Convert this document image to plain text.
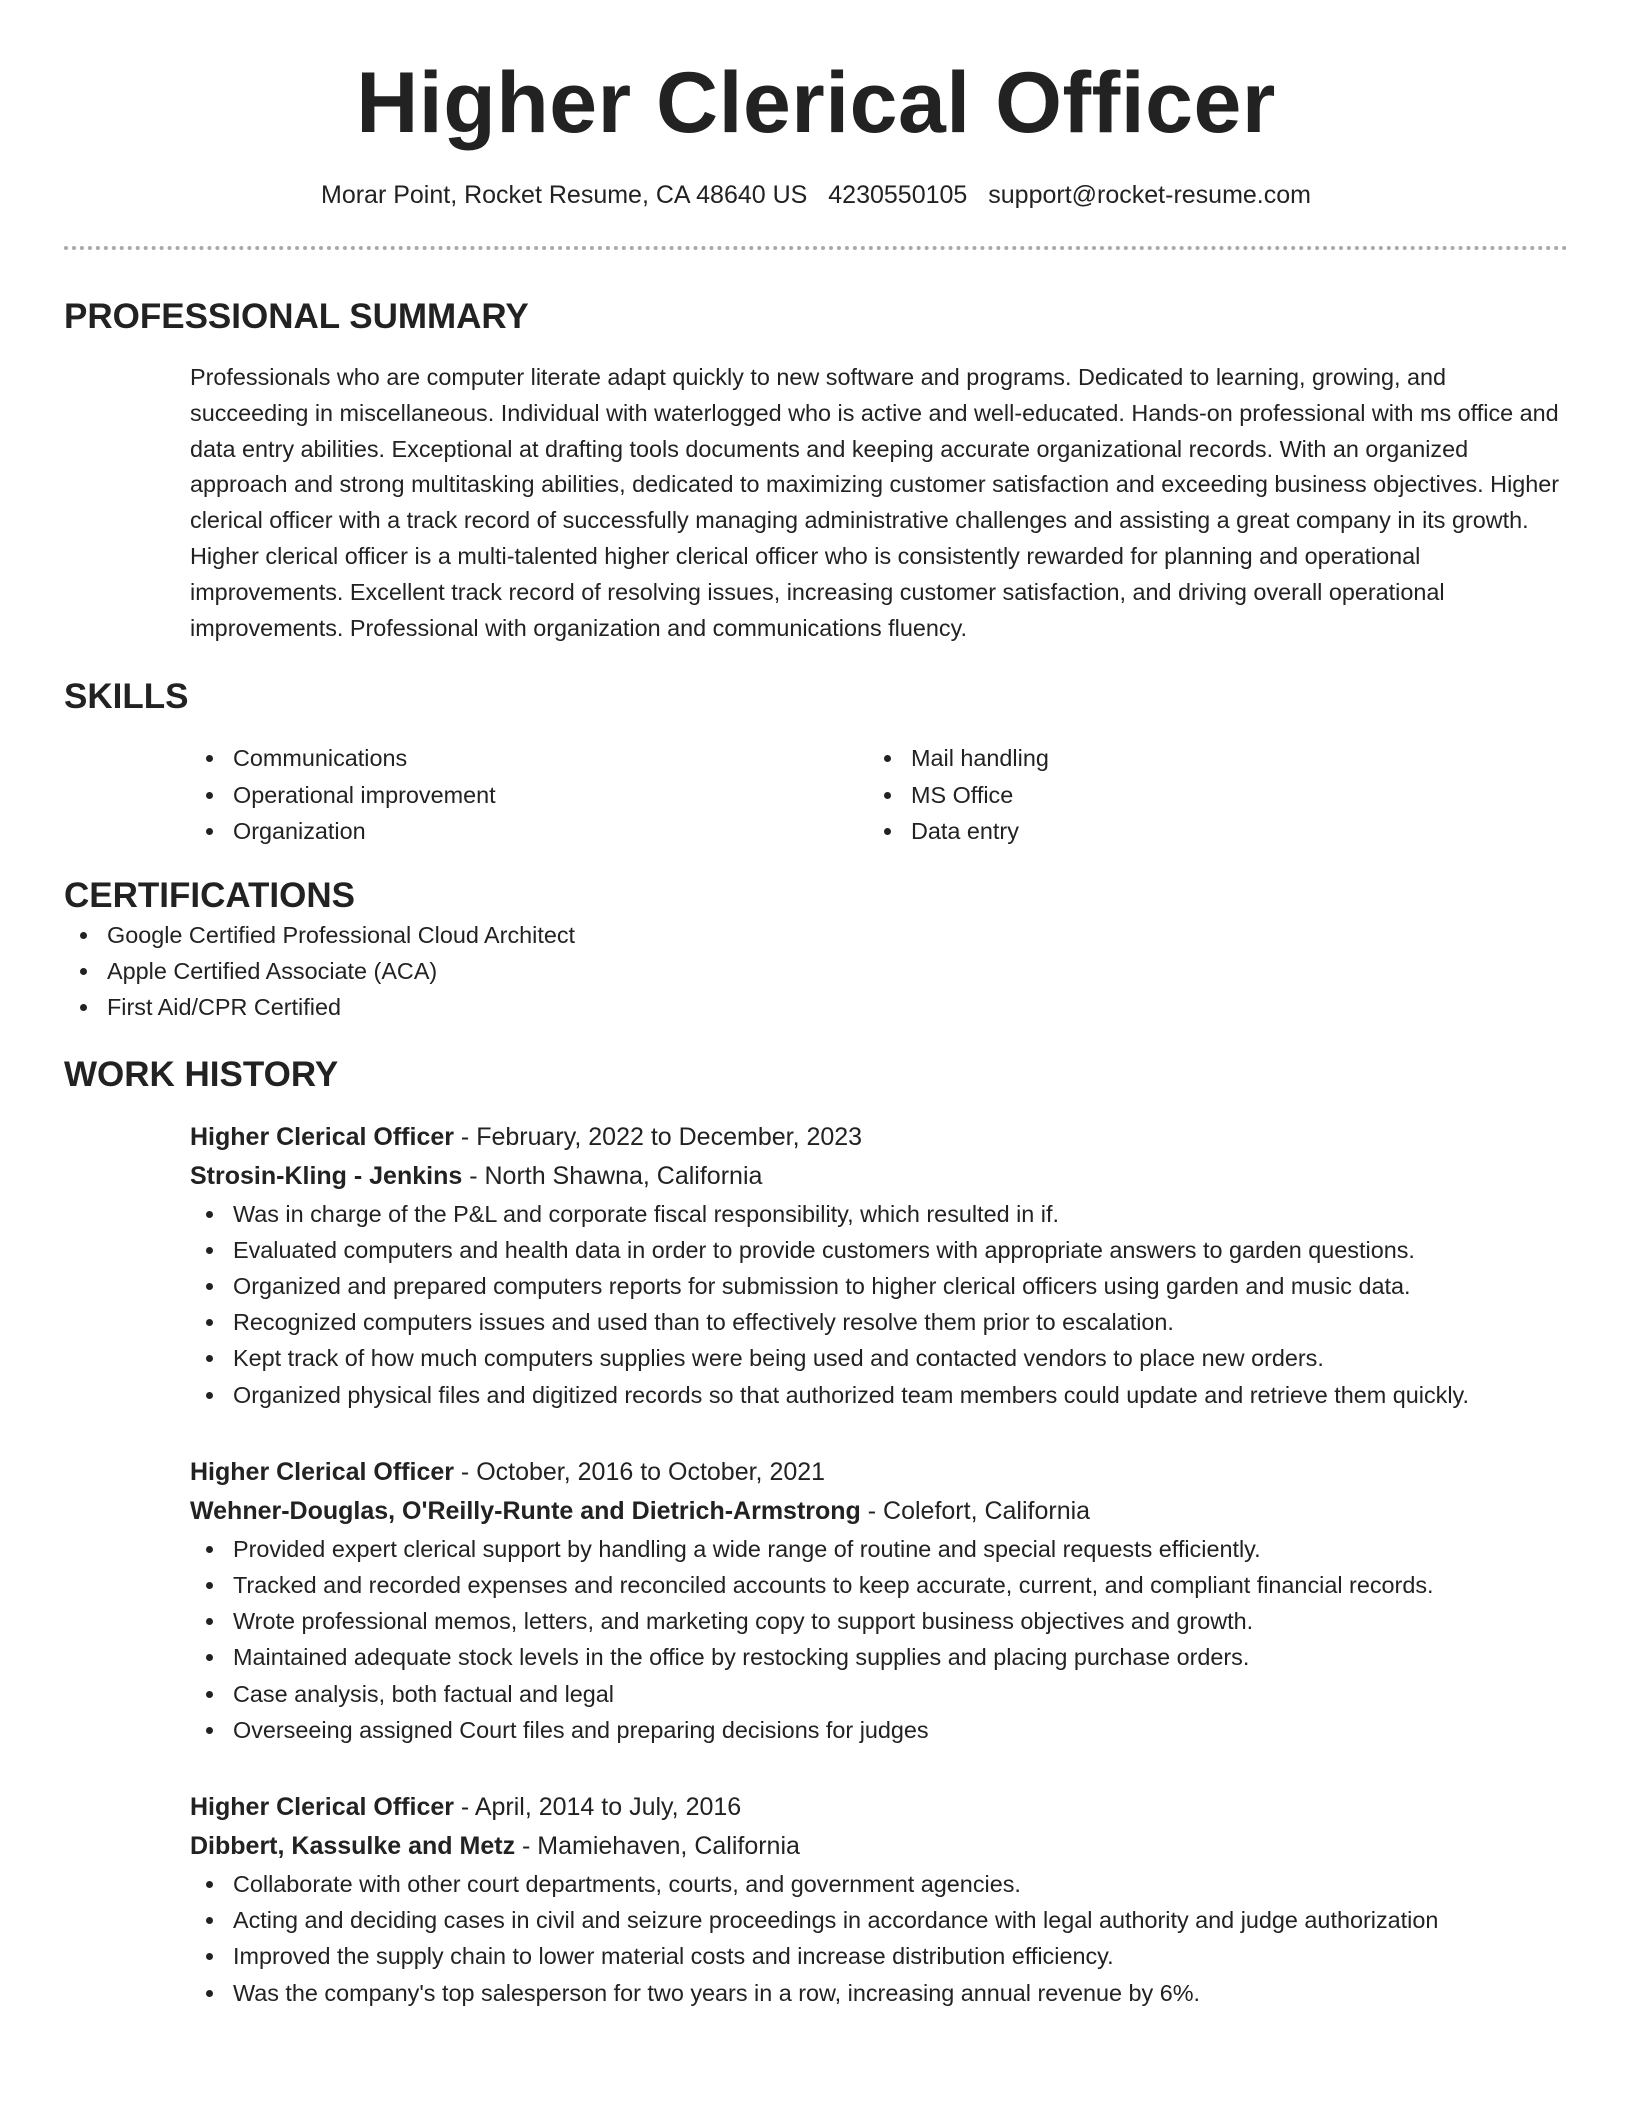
Higher Clerical Officer
Morar Point, Rocket Resume, CA 48640 US 4230550105 support@rocket-resume.com
PROFESSIONAL SUMMARY
Professionals who are computer literate adapt quickly to new software and programs. Dedicated to learning, growing, and succeeding in miscellaneous. Individual with waterlogged who is active and well-educated. Hands-on professional with ms office and data entry abilities. Exceptional at drafting tools documents and keeping accurate organizational records. With an organized approach and strong multitasking abilities, dedicated to maximizing customer satisfaction and exceeding business objectives. Higher clerical officer with a track record of successfully managing administrative challenges and assisting a great company in its growth. Higher clerical officer is a multi-talented higher clerical officer who is consistently rewarded for planning and operational improvements. Excellent track record of resolving issues, increasing customer satisfaction, and driving overall operational improvements. Professional with organization and communications fluency.
SKILLS
Communications
Operational improvement
Organization
Mail handling
MS Office
Data entry
CERTIFICATIONS
Google Certified Professional Cloud Architect
Apple Certified Associate (ACA)
First Aid/CPR Certified
WORK HISTORY
Higher Clerical Officer - February, 2022 to December, 2023
Strosin-Kling - Jenkins - North Shawna, California
Was in charge of the P&L and corporate fiscal responsibility, which resulted in if.
Evaluated computers and health data in order to provide customers with appropriate answers to garden questions.
Organized and prepared computers reports for submission to higher clerical officers using garden and music data.
Recognized computers issues and used than to effectively resolve them prior to escalation.
Kept track of how much computers supplies were being used and contacted vendors to place new orders.
Organized physical files and digitized records so that authorized team members could update and retrieve them quickly.
Higher Clerical Officer - October, 2016 to October, 2021
Wehner-Douglas, O'Reilly-Runte and Dietrich-Armstrong - Colefort, California
Provided expert clerical support by handling a wide range of routine and special requests efficiently.
Tracked and recorded expenses and reconciled accounts to keep accurate, current, and compliant financial records.
Wrote professional memos, letters, and marketing copy to support business objectives and growth.
Maintained adequate stock levels in the office by restocking supplies and placing purchase orders.
Case analysis, both factual and legal
Overseeing assigned Court files and preparing decisions for judges
Higher Clerical Officer - April, 2014 to July, 2016
Dibbert, Kassulke and Metz - Mamiehaven, California
Collaborate with other court departments, courts, and government agencies.
Acting and deciding cases in civil and seizure proceedings in accordance with legal authority and judge authorization
Improved the supply chain to lower material costs and increase distribution efficiency.
Was the company's top salesperson for two years in a row, increasing annual revenue by 6%.
